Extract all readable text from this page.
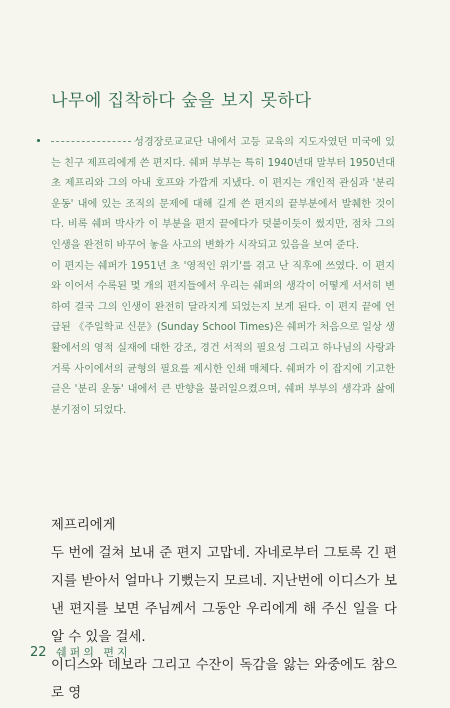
나무에 집착하다 숲을 보지 못하다

성경장로교교단 내에서 고등 교육의 지도자였던 미국에 있는 친구 제프리에게 쓴 편지다. 쉐퍼 부부는 특히 1940년대 말부터 1950년대 초 제프리와 그의 아내 호프와 가깝게 지냈다. 이 편지는 개인적 관심과 '분리 운동' 내에 있는 조직의 문제에 대해 길게 쓴 편지의 끝부분에서 발췌한 것이다. 비록 쉐퍼 박사가 이 부분을 편지 끝에다가 덧붙이듯이 썼지만, 점차 그의 인생을 완전히 바꾸어 놓을 사고의 변화가 시작되고 있음을 보여 준다.

이 편지는 쉐퍼가 1951년 초 '영적인 위기'를 겪고 난 직후에 쓰였다. 이 편지와 이어서 수록된 몇 개의 편지들에서 우리는 쉐퍼의 생각이 어떻게 서서히 변하여 결국 그의 인생이 완전히 달라지게 되었는지 보게 된다. 이 편지 끝에 언급된 《주일학교 신문》(Sunday School Times)은 쉐퍼가 처음으로 일상 생활에서의 영적 실재에 대한 강조, 경건 서적의 필요성 그리고 하나님의 사랑과 거룩 사이에서의 균형의 필요를 제시한 인쇄 매체다. 쉐퍼가 이 잡지에 기고한 글은 '분리 운동' 내에서 큰 반향을 불러일으켰으며, 쉐퍼 부부의 생각과 삶에 분기점이 되었다.

제프리에게

두 번에 걸쳐 보내 준 편지 고맙네. 자네로부터 그토록 긴 편지를 받아서 얼마나 기뻤는지 모르네. 지난번에 이디스가 보낸 편지를 보면 주님께서 그동안 우리에게 해 주신 일을 다 알 수 있을 걸세.

이디스와 데보라 그리고 수잔이 독감을 앓는 와중에도 참으로 영

22 쉐퍼의 편지
